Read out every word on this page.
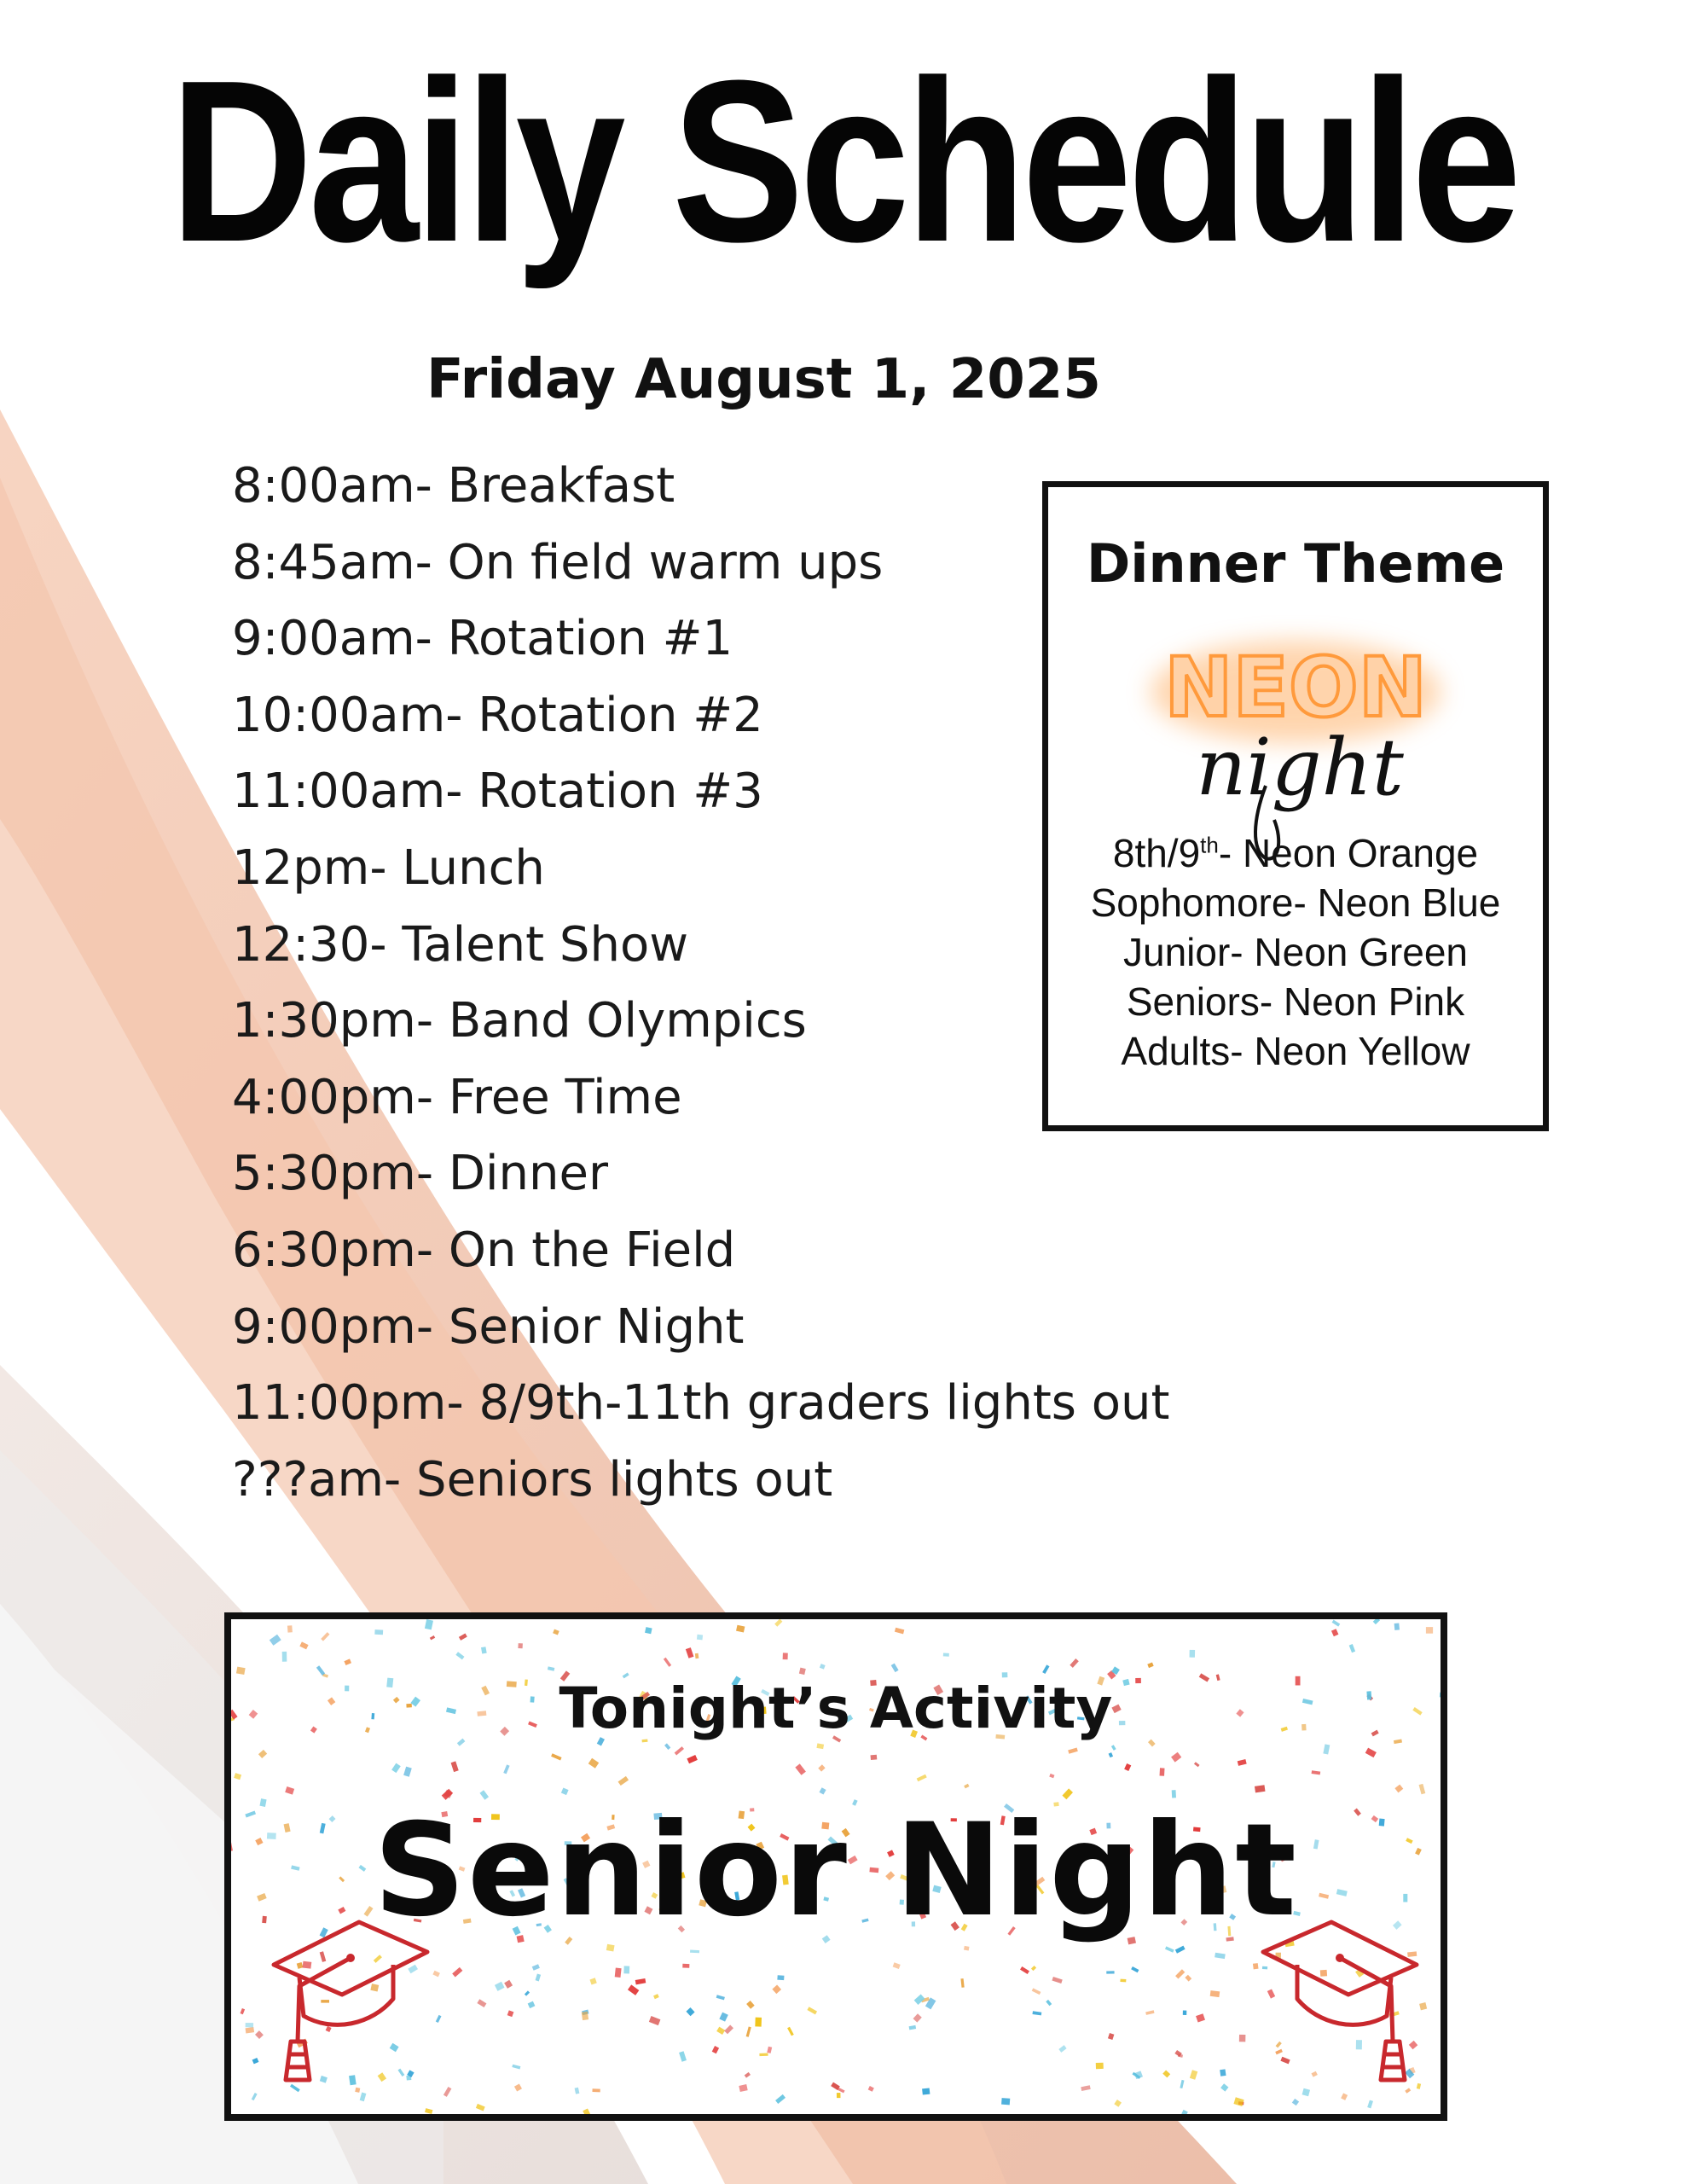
Daily Schedule
Friday August 1, 2025
8:00am- Breakfast
8:45am- On field warm ups
9:00am- Rotation #1
10:00am- Rotation #2
11:00am- Rotation #3
12pm- Lunch
12:30- Talent Show
1:30pm- Band Olympics
4:00pm- Free Time
5:30pm- Dinner
6:30pm- On the Field
9:00pm- Senior Night
11:00pm- 8/9th-11th graders lights out
???am- Seniors lights out
Dinner Theme
NEON
night
8th/9th- Neon Orange
Sophomore- Neon Blue
Junior- Neon Green
Seniors- Neon Pink
Adults- Neon Yellow
Tonight’s Activity
Senior Night
